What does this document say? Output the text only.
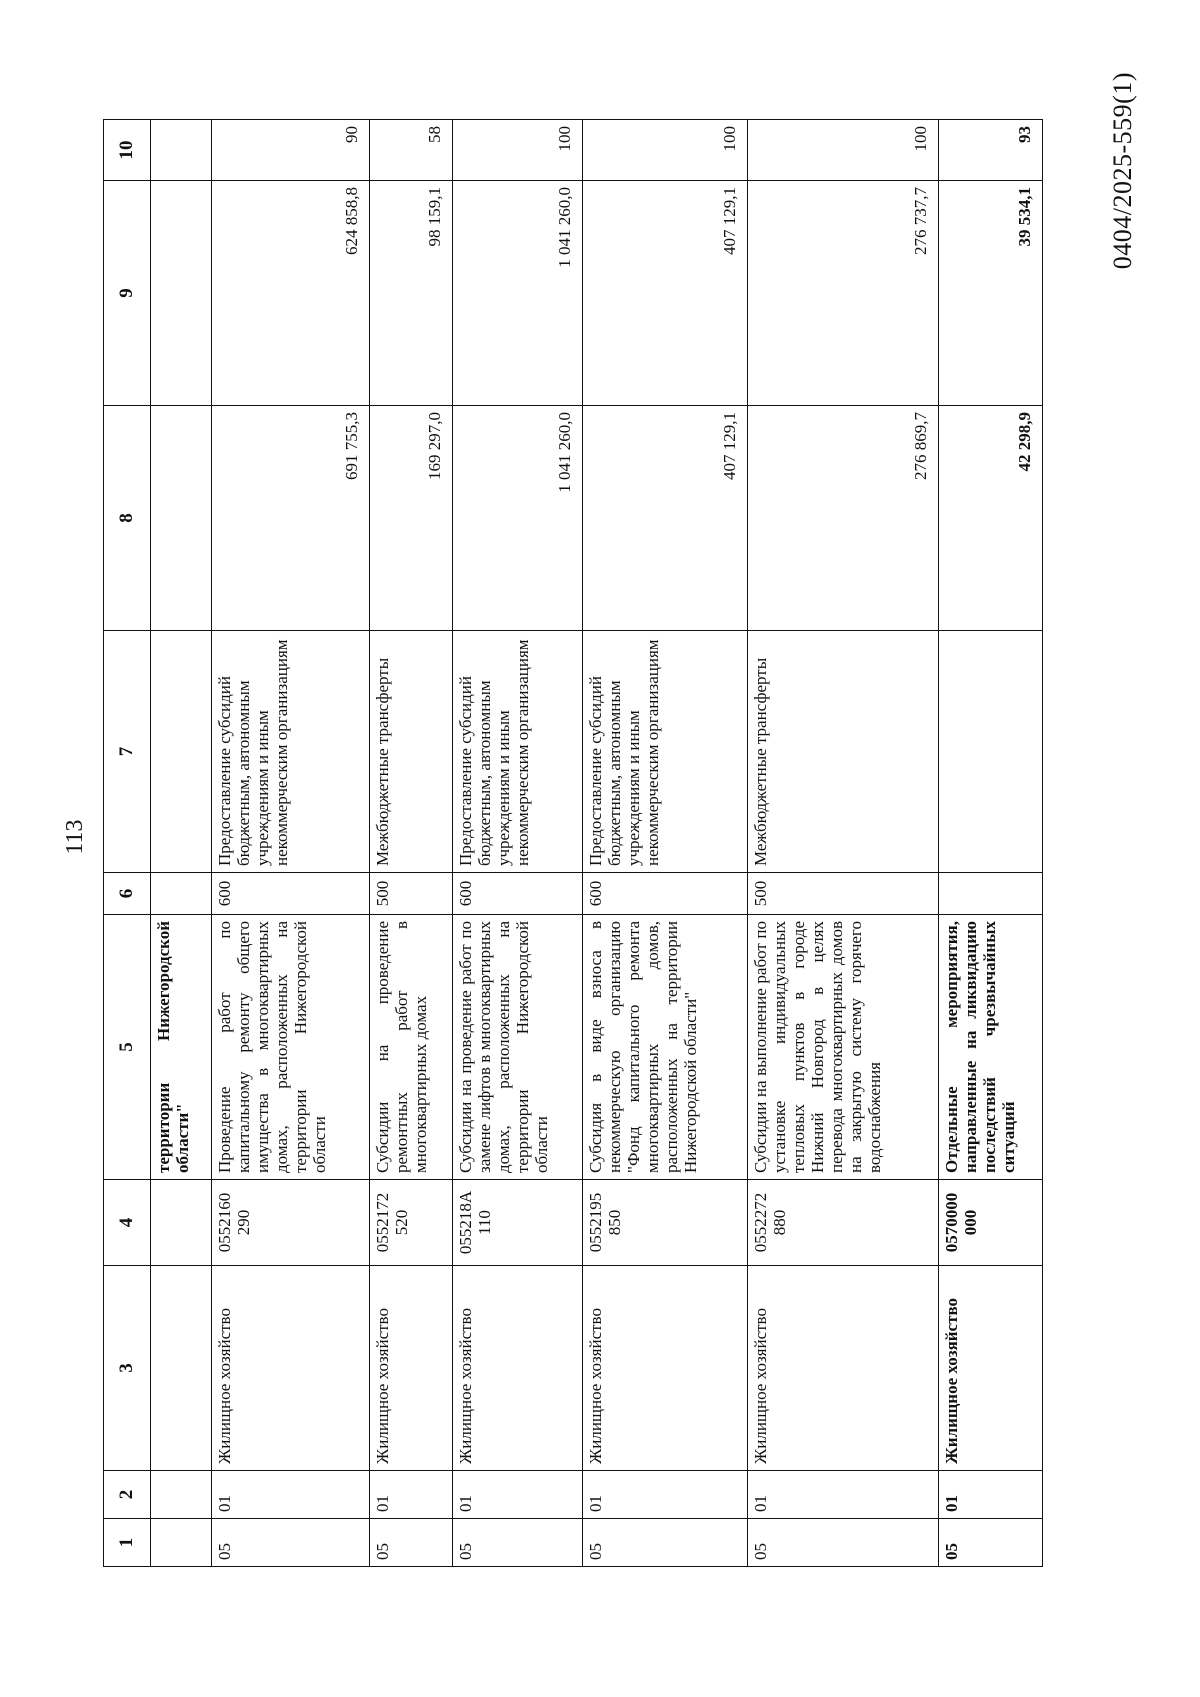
113
1	2	3	4	5	6	7	8	9	10
				территории Нижегородской области"					
05	01	Жилищное хозяйство	0552160 290	Проведение работ по капитальному ремонту общего имущества в многоквартирных домах, расположенных на территории Нижегородской области	600	Предоставление субсидий бюджетным, автономным учреждениям и иным некоммерческим организациям	691 755,3	624 858,8	90
05	01	Жилищное хозяйство	0552172 520	Субсидии на проведение ремонтных работ в многоквартирных домах	500	Межбюджетные трансферты	169 297,0	98 159,1	58
05	01	Жилищное хозяйство	055218A 110	Субсидии на проведение работ по замене лифтов в многоквартирных домах, расположенных на территории Нижегородской области	600	Предоставление субсидий бюджетным, автономным учреждениям и иным некоммерческим организациям	1 041 260,0	1 041 260,0	100
05	01	Жилищное хозяйство	0552195 850	Субсидия в виде взноса в некоммерческую организацию "Фонд капитального ремонта многоквартирных домов, расположенных на территории Нижегородской области"	600	Предоставление субсидий бюджетным, автономным учреждениям и иным некоммерческим организациям	407 129,1	407 129,1	100
05	01	Жилищное хозяйство	0552272 880	Субсидии на выполнение работ по установке индивидуальных тепловых пунктов в городе Нижний Новгород в целях перевода многоквартирных домов на закрытую систему горячего водоснабжения	500	Межбюджетные трансферты	276 869,7	276 737,7	100
05	01	Жилищное хозяйство	0570000 000	Отдельные мероприятия, направленные на ликвидацию последствий чрезвычайных ситуаций			42 298,9	39 534,1	93	0404/2025-559(1)
